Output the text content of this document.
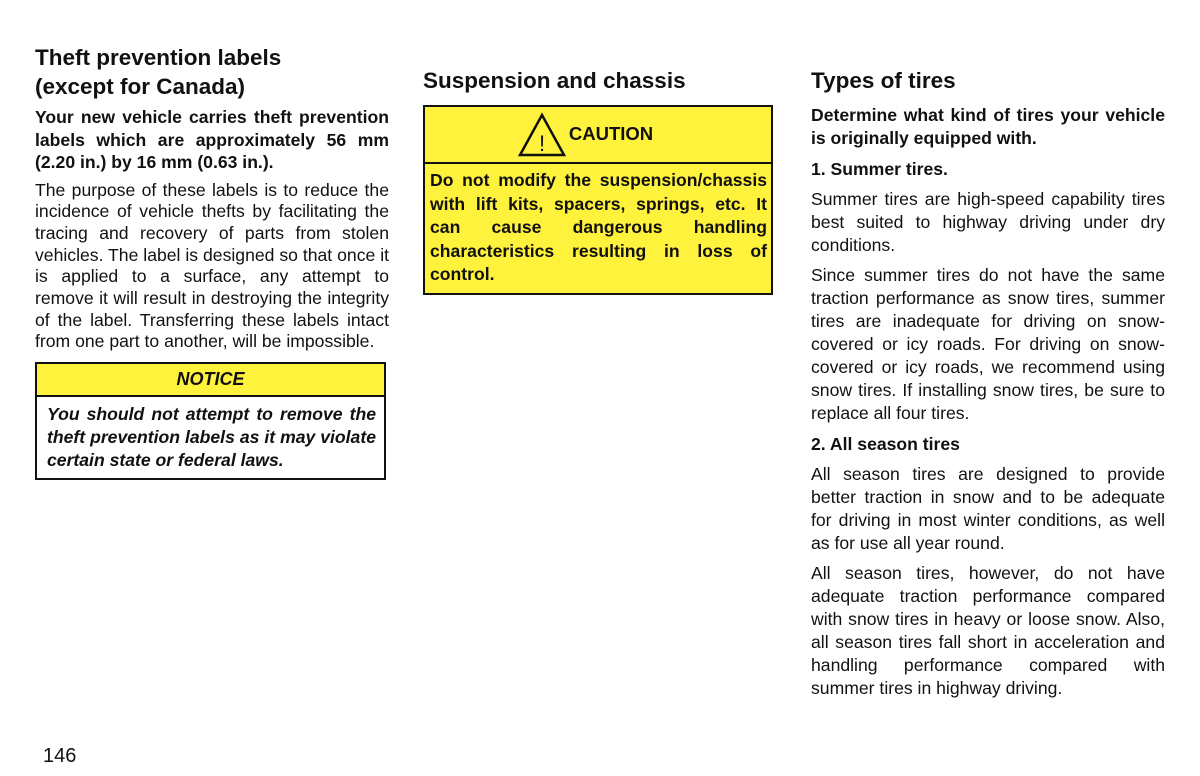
Theft prevention labels
(except for Canada)

Your new vehicle carries theft prevention labels which are approximately 56 mm (2.20 in.) by 16 mm (0.63 in.).

The purpose of these labels is to reduce the incidence of vehicle thefts by facilitating the tracing and recovery of parts from stolen vehicles. The label is designed so that once it is applied to a surface, any attempt to remove it will result in destroying the integrity of the label. Transferring these labels intact from one part to another, will be impossible.

NOTICE
You should not attempt to remove the theft prevention labels as it may violate certain state or federal laws.
Suspension and chassis
! CAUTION
Do not modify the suspension/chassis with lift kits, spacers, springs, etc. It can cause dangerous handling characteristics resulting in loss of control.
Types of tires

Determine what kind of tires your vehicle is originally equipped with.

1. Summer tires.

Summer tires are high-speed capability tires best suited to highway driving under dry conditions.

Since summer tires do not have the same traction performance as snow tires, summer tires are inadequate for driving on snow-covered or icy roads. For driving on snow-covered or icy roads, we recommend using snow tires. If installing snow tires, be sure to replace all four tires.

2. All season tires

All season tires are designed to provide better traction in snow and to be adequate for driving in most winter conditions, as well as for use all year round.

All season tires, however, do not have adequate traction performance compared with snow tires in heavy or loose snow. Also, all season tires fall short in acceleration and handling performance compared with summer tires in highway driving.

146
